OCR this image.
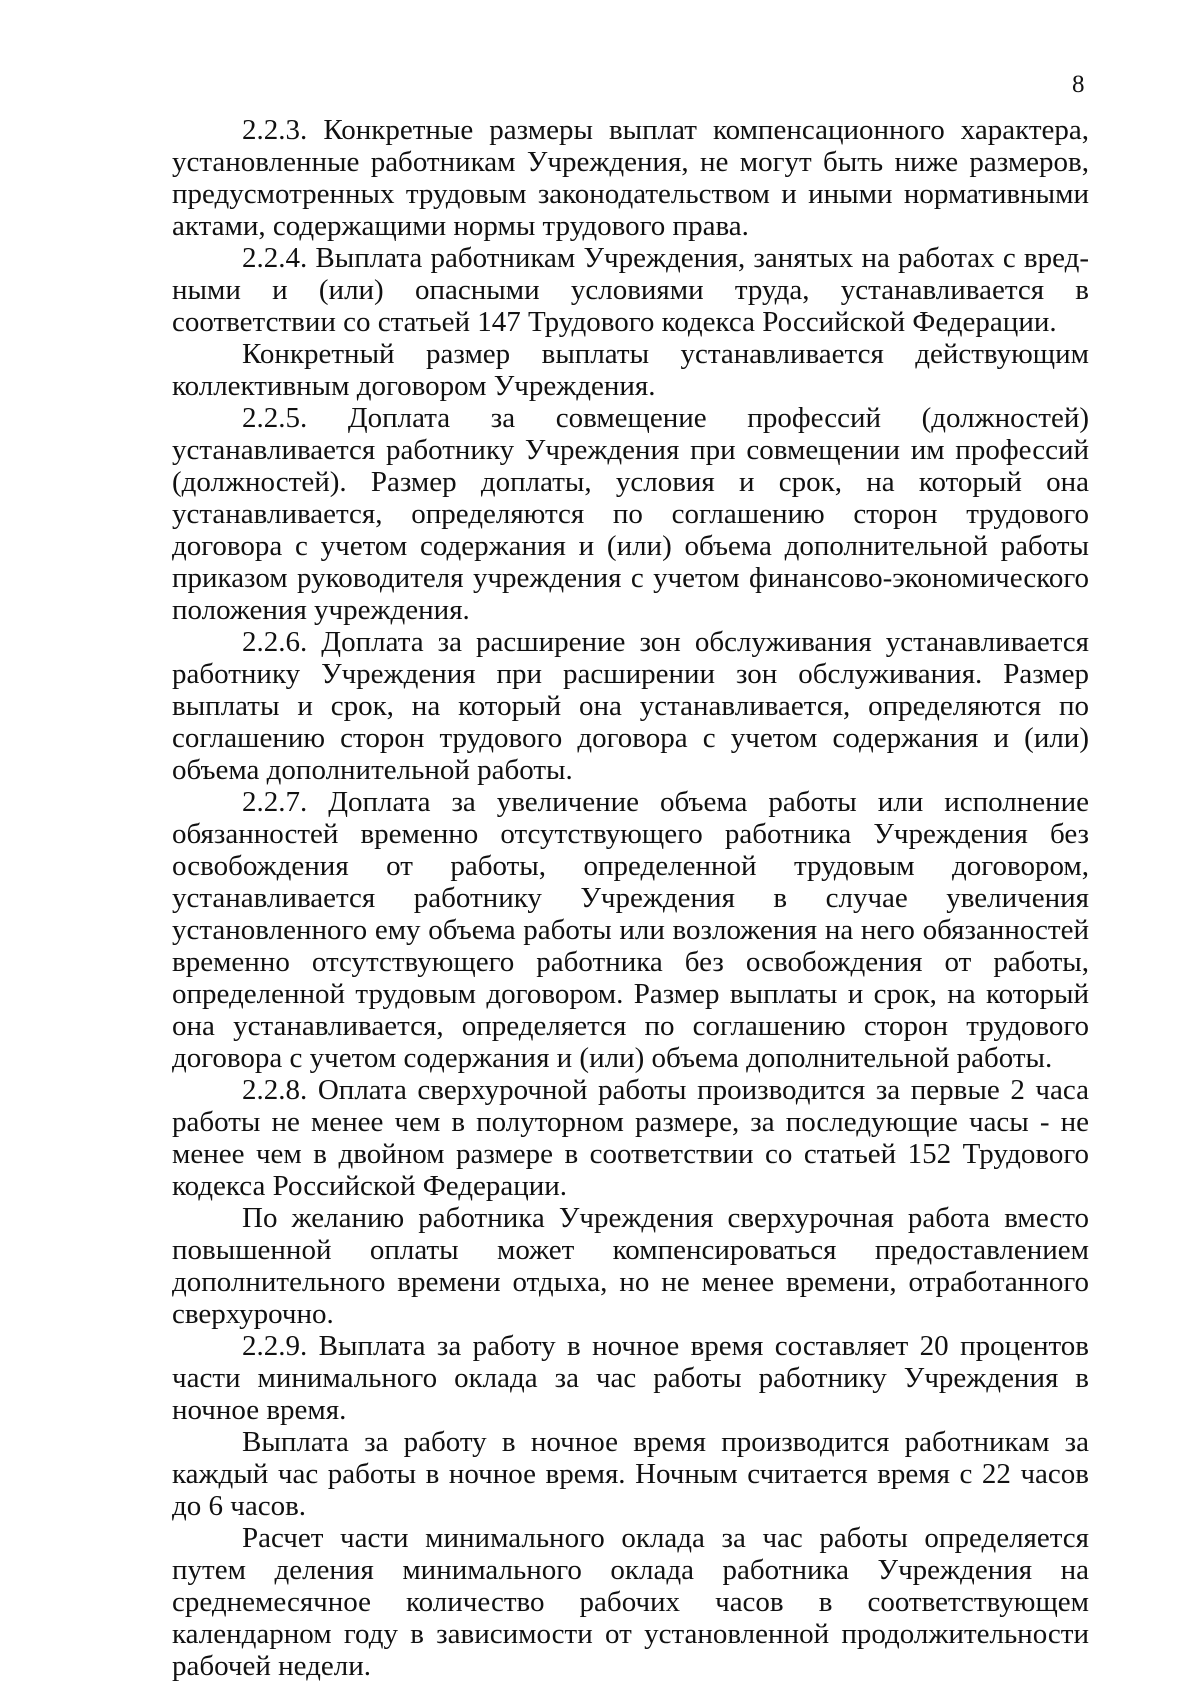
8

2.2.3. Конкретные размеры выплат компенсационного характера, установленные работникам Учреждения, не могут быть ниже размеров, предусмотренных трудовым законодательством и иными нормативными актами, содержащими нормы трудового права.

2.2.4. Выплата работникам Учреждения, занятых на работах с вредными и (или) опасными условиями труда, устанавливается в соответствии со статьей 147 Трудового кодекса Российской Федерации.

Конкретный размер выплаты устанавливается действующим коллективным договором Учреждения.

2.2.5. Доплата за совмещение профессий (должностей) устанавливается работнику Учреждения при совмещении им профессий (должностей). Размер доплаты, условия и срок, на который она устанавливается, определяются по соглашению сторон трудового договора с учетом содержания и (или) объема дополнительной работы приказом руководителя учреждения с учетом финансово-экономического положения учреждения.

2.2.6. Доплата за расширение зон обслуживания устанавливается работнику Учреждения при расширении зон обслуживания. Размер выплаты и срок, на который она устанавливается, определяются по соглашению сторон трудового договора с учетом содержания и (или) объема дополнительной работы.

2.2.7. Доплата за увеличение объема работы или исполнение обязанностей временно отсутствующего работника Учреждения без освобождения от работы, определенной трудовым договором, устанавливается работнику Учреждения в случае увеличения установленного ему объема работы или возложения на него обязанностей временно отсутствующего работника без освобождения от работы, определенной трудовым договором. Размер выплаты и срок, на который она устанавливается, определяется по соглашению сторон трудового договора с учетом содержания и (или) объема дополнительной работы.

2.2.8. Оплата сверхурочной работы производится за первые 2 часа работы не менее чем в полуторном размере, за последующие часы - не менее чем в двойном размере в соответствии со статьей 152 Трудового кодекса Российской Федерации.

По желанию работника Учреждения сверхурочная работа вместо повышенной оплаты может компенсироваться предоставлением дополнительного времени отдыха, но не менее времени, отработанного сверхурочно.

2.2.9. Выплата за работу в ночное время составляет 20 процентов части минимального оклада за час работы работнику Учреждения в ночное время.

Выплата за работу в ночное время производится работникам за каждый час работы в ночное время. Ночным считается время с 22 часов до 6 часов.

Расчет части минимального оклада за час работы определяется путем деления минимального оклада работника Учреждения на среднемесячное количество рабочих часов в соответствующем календарном году в зависимости от установленной продолжительности рабочей недели.
